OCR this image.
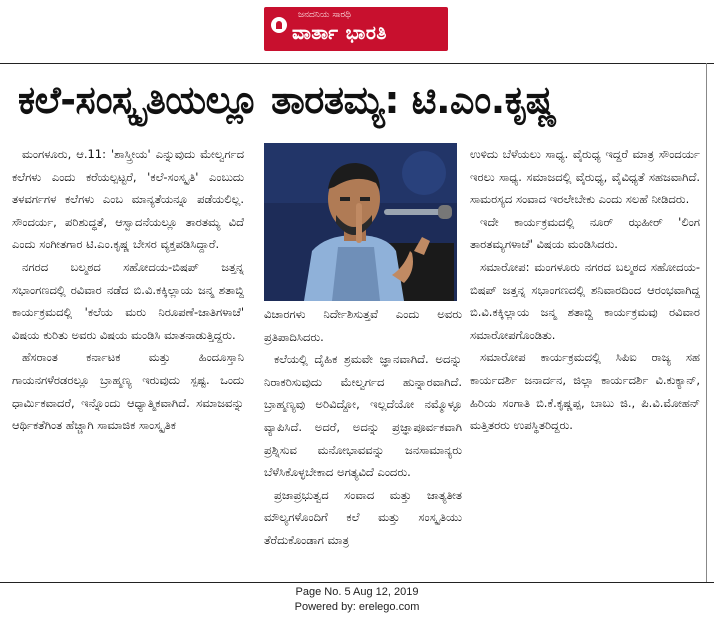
ಜನದನಿಯ ಸಾರಥಿ
ವಾರ್ತಾ ಭಾರತಿ
ಕಲೆ-ಸಂಸ್ಕೃತಿಯಲ್ಲೂ ತಾರತಮ್ಯ: ಟಿ.ಎಂ.ಕೃಷ್ಣ

ಮಂಗಳೂರು, ಆ.11: 'ಶಾಸ್ತ್ರೀಯ' ಎನ್ನುವುದು ಮೇಲ್ವರ್ಗದ ಕಲೆಗಳು ಎಂದು ಕರೆಯಲ್ಪಟ್ಟರೆ, 'ಕಲೆ-ಸಂಸ್ಕೃತಿ' ಎಂಬುದು ತಳವರ್ಗಗಳ ಕಲೆಗಳು ಎಂಬ ಮಾನ್ಯತೆಯನ್ನೂ ಪಡೆಯಲಿಲ್ಲ. ಸೌಂದರ್ಯ, ಪರಿಶುದ್ಧತೆ, ಆಸ್ವಾದನೆಯಲ್ಲೂ ತಾರತಮ್ಯ ವಿದೆ ಎಂದು ಸಂಗೀತಗಾರ ಟಿ.ಎಂ.ಕೃಷ್ಣ ಬೇಸರ ವ್ಯಕ್ತಪಡಿಸಿದ್ದಾರೆ.

ನಗರದ ಬಲ್ಮಠದ ಸಹೋದಯ-ಬಿಷಪ್ ಜತ್ತನ್ನ ಸಭಾಂಗಣದಲ್ಲಿ ರವಿವಾರ ನಡೆದ ಬಿ.ವಿ.ಕಕ್ಕಿಲ್ಲಾಯ ಜನ್ಮ ಶತಾಬ್ದಿ ಕಾರ್ಯಕ್ರಮದಲ್ಲಿ 'ಕಲೆಯ ಮರು ನಿರೂಪಣೆ-ಜಾತಿಗಳಾಚೆ' ವಿಷಯ ಕುರಿತು ಅವರು ವಿಷಯ ಮಂಡಿಸಿ ಮಾತನಾಡುತ್ತಿದ್ದರು.

ಹೆಸರಾಂತ ಕರ್ನಾಟಕ ಮತ್ತು ಹಿಂದೂಸ್ತಾನಿ ಗಾಯನಗಳೆರಡರಲ್ಲೂ ಬ್ರಾಹ್ಮಣ್ಯ ಇರುವುದು ಸ್ಪಷ್ಟ. ಒಂದು ಧಾರ್ಮಿಕವಾದರೆ, ಇನ್ನೊಂದು ಆಧ್ಯಾತ್ಮಿಕವಾಗಿದೆ. ಸಮಾಜವನ್ನು ಆರ್ಥಿಕತೆಗಿಂತ ಹೆಚ್ಚಾಗಿ ಸಾಮಾಜಿಕ ಸಾಂಸ್ಕೃತಿಕ

ವಿಚಾರಗಳು ನಿರ್ದೇಶಿಸುತ್ತವೆ ಎಂದು ಅವರು ಪ್ರತಿಪಾದಿಸಿದರು.

ಕಲೆಯಲ್ಲಿ ದೈಹಿಕ ಶ್ರಮವೇ ಜ್ಞಾನವಾಗಿದೆ. ಅದನ್ನು ನಿರಾಕರಿಸುವುದು ಮೇಲ್ವರ್ಗದ ಹುನ್ನಾರವಾಗಿದೆ. ಬ್ರಾಹ್ಮಣ್ಯವು ಅರಿವಿದ್ದೋ, ಇಲ್ಲದೆಯೋ ನಮ್ಮೊಳ್ಳೂ ವ್ಯಾಪಿಸಿದೆ. ಅದರೆ, ಅದನ್ನು ಪ್ರಜ್ಞಾಪೂರ್ವಕವಾಗಿ ಪ್ರಶ್ನಿಸುವ ಮನೋಭಾವವನ್ನು ಜನಸಾಮಾನ್ಯರು ಬೆಳೆಸಿಕೊಳ್ಳಬೇಕಾದ ಅಗತ್ಯವಿದೆ ಎಂದರು.

ಪ್ರಜಾಪ್ರಭುತ್ವದ ಸಂವಾದ ಮತ್ತು ಜಾತ್ಯತೀತ ಮೌಲ್ಯಗಳೊಂದಿಗೆ ಕಲೆ ಮತ್ತು ಸಂಸ್ಕೃತಿಯು ತೆರೆದುಕೊಂಡಾಗ ಮಾತ್ರ

ಉಳಿದು ಬೆಳೆಯಲು ಸಾಧ್ಯ. ವೈರುಧ್ಯ ಇದ್ದರೆ ಮಾತ್ರ ಸೌಂದರ್ಯ ಇರಲು ಸಾಧ್ಯ. ಸಮಾಜದಲ್ಲಿ ವೈರುಧ್ಯ, ವೈವಿಧ್ಯತೆ ಸಹಜವಾಗಿದೆ. ಸಾಮರಸ್ಯದ ಸಂವಾದ ಇರಲೇಬೇಕು ಎಂದು ಸಲಹೆ ನೀಡಿದರು.

ಇದೇ ಕಾರ್ಯಕ್ರಮದಲ್ಲಿ ನೂರ್ ಝಹೀರ್ 'ಲಿಂಗ ತಾರತಮ್ಯಗಳಾಚೆ' ವಿಷಯ ಮಂಡಿಸಿದರು.

ಸಮಾರೋಪ: ಮಂಗಳೂರು ನಗರದ ಬಲ್ಮಠದ ಸಹೋದಯ-ಬಿಷಪ್ ಜತ್ತನ್ನ ಸಭಾಂಗಣದಲ್ಲಿ ಶನಿವಾರದಿಂದ ಆರಂಭವಾಗಿದ್ದ ಬಿ.ವಿ.ಕಕ್ಕಿಲ್ಲಾಯ ಜನ್ಮ ಶತಾಬ್ದಿ ಕಾರ್ಯಕ್ರಮವು ರವಿವಾರ ಸಮಾರೋಪಗೊಂಡಿತು.

ಸಮಾರೋಪ ಕಾರ್ಯಕ್ರಮದಲ್ಲಿ ಸಿಪಿಐ ರಾಜ್ಯ ಸಹ ಕಾರ್ಯದರ್ಶಿ ಜನಾರ್ದನ, ಜಿಲ್ಲಾ ಕಾರ್ಯದರ್ಶಿ ವಿ.ಕುಕ್ಯಾನ್, ಹಿರಿಯ ಸಂಗಾತಿ ಬಿ.ಕೆ.ಕೃಷ್ಣಪ್ಪ, ಬಾಬು ಜಿ., ಪಿ.ವಿ.ಮೋಹನ್ ಮತ್ತಿತರರು ಉಪಸ್ಥಿತರಿದ್ದರು.

Page No. 5 Aug 12, 2019
Powered by: erelego.com
